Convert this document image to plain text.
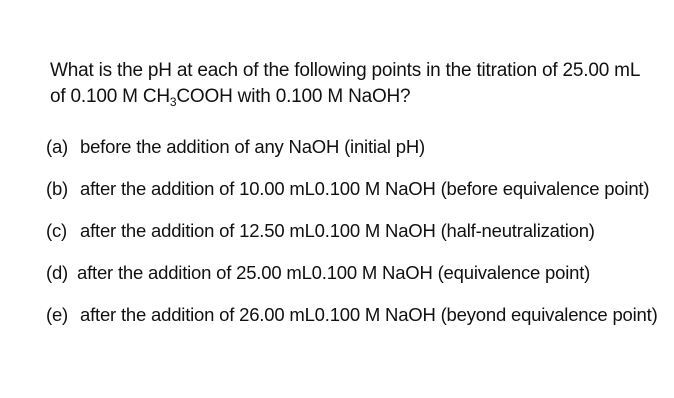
What is the pH at each of the following points in the titration of 25.00 mL
of 0.100 M $CH_3COOH$ with 0.100 M NaOH?
(a) before the addition of any NaOH (initial pH)
(b) after the addition of 10.00 mL0.100 M NaOH (before equivalence point)
(c) after the addition of 12.50 mL0.100 M NaOH (half-neutralization)
(d) after the addition of 25.00 mL0.100 M NaOH (equivalence point)
(e) after the addition of 26.00 mL0.100 M NaOH (beyond equivalence point)
